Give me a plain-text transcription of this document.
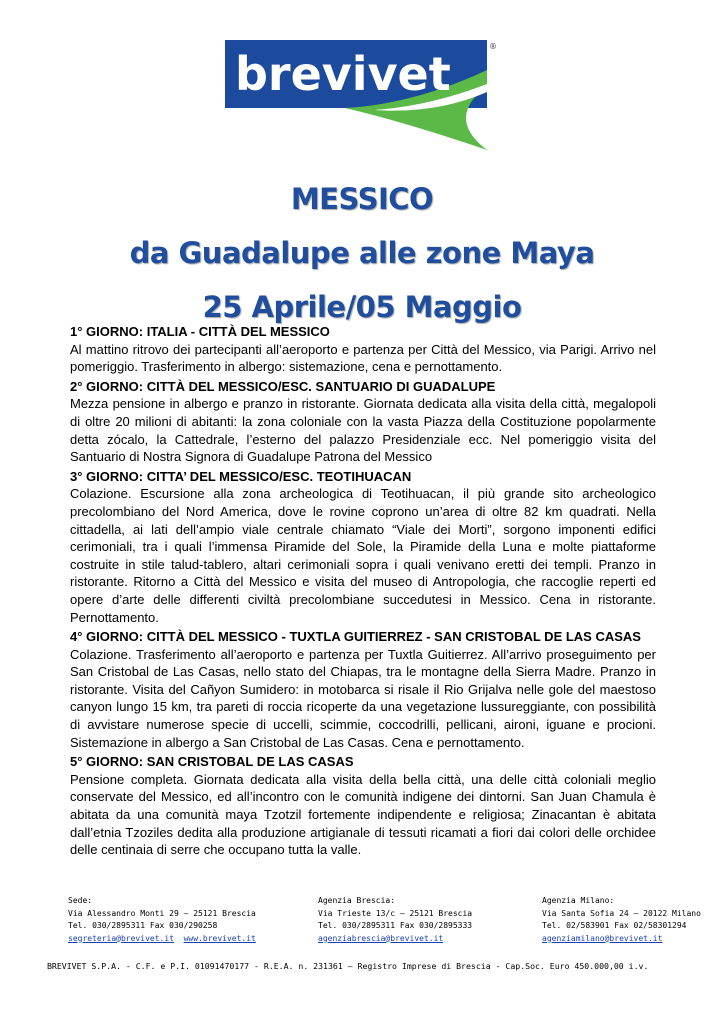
brevivet
®
MESSICO
da Guadalupe alle zone Maya
25 Aprile/05 Maggio
1° GIORNO: ITALIA - CITTÀ DEL MESSICO
Al mattino ritrovo dei partecipanti all’aeroporto e partenza per Città del Messico, via Parigi. Arrivo nel pomeriggio. Trasferimento in albergo: sistemazione, cena e pernottamento.
2° GIORNO: CITTÀ DEL MESSICO/ESC. SANTUARIO DI GUADALUPE
Mezza pensione in albergo e pranzo in ristorante. Giornata dedicata alla visita della città, megalopoli di oltre 20 milioni di abitanti: la zona coloniale con la vasta Piazza della Costituzione popolarmente detta zócalo, la Cattedrale, l’esterno del palazzo Presidenziale ecc. Nel pomeriggio visita del Santuario di Nostra Signora di Guadalupe Patrona del Messico
3° GIORNO: CITTA’ DEL MESSICO/ESC. TEOTIHUACAN
Colazione. Escursione alla zona archeologica di Teotihuacan, il più grande sito archeologico precolombiano del Nord America, dove le rovine coprono un’area di oltre 82 km quadrati. Nella cittadella, ai lati dell’ampio viale centrale chiamato “Viale dei Morti”, sorgono imponenti edifici cerimoniali, tra i quali l’immensa Piramide del Sole, la Piramide della Luna e molte piattaforme costruite in stile talud-tablero, altari cerimoniali sopra i quali venivano eretti dei templi. Pranzo in ristorante. Ritorno a Città del Messico e visita del museo di Antropologia, che raccoglie reperti ed opere d’arte delle differenti civiltà precolombiane succedutesi in Messico. Cena in ristorante. Pernottamento.
4° GIORNO: CITTÀ DEL MESSICO - TUXTLA GUITIERREZ - SAN CRISTOBAL DE LAS CASAS
Colazione. Trasferimento all’aeroporto e partenza per Tuxtla Guitierrez. All’arrivo proseguimento per San Cristobal de Las Casas, nello stato del Chiapas, tra le montagne della Sierra Madre. Pranzo in ristorante. Visita del Cañyon Sumidero: in motobarca si risale il Rio Grijalva nelle gole del maestoso canyon lungo 15 km, tra pareti di roccia ricoperte da una vegetazione lussureggiante, con possibilità di avvistare numerose specie di uccelli, scimmie, coccodrilli, pellicani, aironi, iguane e procioni. Sistemazione in albergo a San Cristobal de Las Casas. Cena e pernottamento.
5° GIORNO: SAN CRISTOBAL DE LAS CASAS
Pensione completa. Giornata dedicata alla visita della bella città, una delle città coloniali meglio conservate del Messico, ed all’incontro con le comunità indigene dei dintorni. San Juan Chamula è abitata da una comunità maya Tzotzil fortemente indipendente e religiosa; Zinacantan è abitata dall’etnia Tzoziles dedita alla produzione artigianale di tessuti ricamati a fiori dai colori delle orchidee delle centinaia di serre che occupano tutta la valle.
Sede:
Via Alessandro Monti 29 – 25121 Brescia
Tel. 030/2895311 Fax 030/290258
segreteria@brevivet.it www.brevivet.it
Agenzia Brescia:
Via Trieste 13/c – 25121 Brescia
Tel. 030/2895311 Fax 030/2895333
agenziabrescia@brevivet.it
Agenzia Milano:
Via Santa Sofia 24 – 20122 Milano
Tel. 02/583901 Fax 02/58301294
agenziamilano@brevivet.it
BREVIVET S.P.A. - C.F. e P.I. 01091470177 - R.E.A. n. 231361 – Registro Imprese di Brescia - Cap.Soc. Euro 450.000,00 i.v.
